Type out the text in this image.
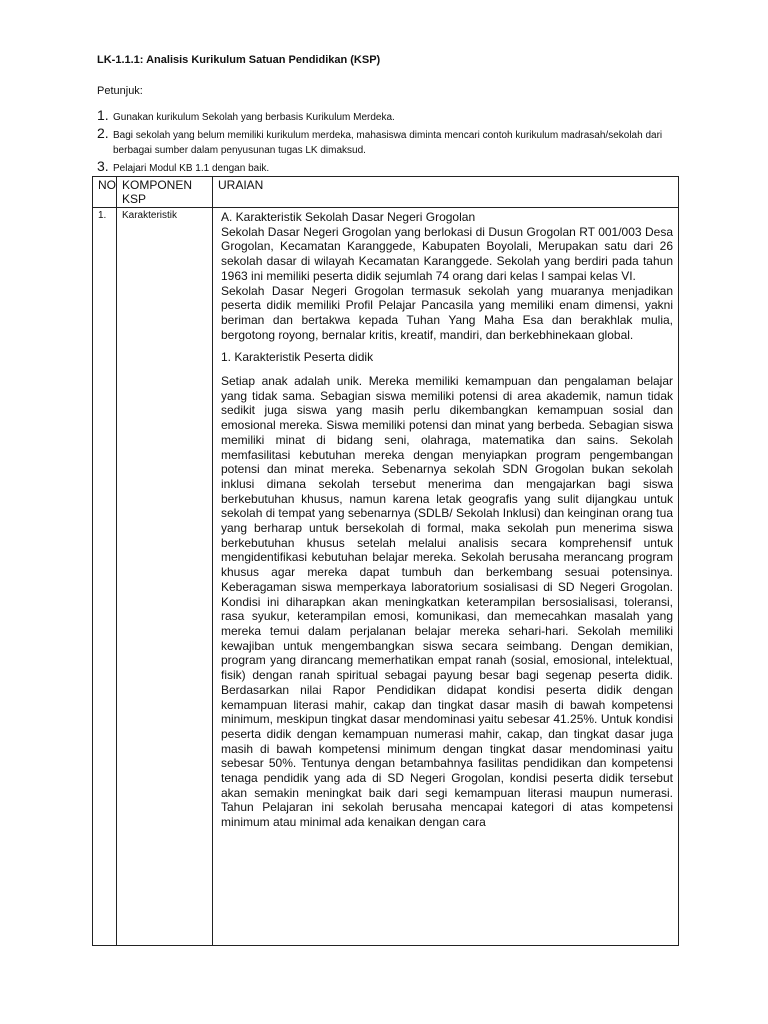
LK-1.1.1: Analisis Kurikulum Satuan Pendidikan (KSP)

Petunjuk:

1. Gunakan kurikulum Sekolah yang berbasis Kurikulum Merdeka.
2. Bagi sekolah yang belum memiliki kurikulum merdeka, mahasiswa diminta mencari contoh kurikulum madrasah/sekolah dari berbagai sumber dalam penyusunan tugas LK dimaksud.
3. Pelajari Modul KB 1.1 dengan baik.
NO	KOMPONEN KSP	URAIAN
1.	Karakteristik	A. Karakteristik Sekolah Dasar Negeri Grogolan

Sekolah Dasar Negeri Grogolan yang berlokasi di Dusun Grogolan RT 001/003 Desa Grogolan, Kecamatan Karanggede, Kabupaten Boyolali, Merupakan satu dari 26 sekolah dasar di wilayah Kecamatan Karanggede. Sekolah yang berdiri pada tahun 1963 ini memiliki peserta didik sejumlah 74 orang dari kelas I sampai kelas VI.

Sekolah Dasar Negeri Grogolan termasuk sekolah yang muaranya menjadikan peserta didik memiliki Profil Pelajar Pancasila yang memiliki enam dimensi, yakni beriman dan bertakwa kepada Tuhan Yang Maha Esa dan berakhlak mulia, bergotong royong, bernalar kritis, kreatif, mandiri, dan berkebhinekaan global.

1. Karakteristik Peserta didik

Setiap anak adalah unik. Mereka memiliki kemampuan dan pengalaman belajar yang tidak sama. Sebagian siswa memiliki potensi di area akademik, namun tidak sedikit juga siswa yang masih perlu dikembangkan kemampuan sosial dan emosional mereka. Siswa memiliki potensi dan minat yang berbeda. Sebagian siswa memiliki minat di bidang seni, olahraga, matematika dan sains. Sekolah memfasilitasi kebutuhan mereka dengan menyiapkan program pengembangan potensi dan minat mereka. Sebenarnya sekolah SDN Grogolan bukan sekolah inklusi dimana sekolah tersebut menerima dan mengajarkan bagi siswa berkebutuhan khusus, namun karena letak geografis yang sulit dijangkau untuk sekolah di tempat yang sebenarnya (SDLB/ Sekolah Inklusi) dan keinginan orang tua yang berharap untuk bersekolah di formal, maka sekolah pun menerima siswa berkebutuhan khusus setelah melalui analisis secara komprehensif untuk mengidentifikasi kebutuhan belajar mereka. Sekolah berusaha merancang program khusus agar mereka dapat tumbuh dan berkembang sesuai potensinya. Keberagaman siswa memperkaya laboratorium sosialisasi di SD Negeri Grogolan. Kondisi ini diharapkan akan meningkatkan keterampilan bersosialisasi, toleransi, rasa syukur, keterampilan emosi, komunikasi, dan memecahkan masalah yang mereka temui dalam perjalanan belajar mereka sehari-hari. Sekolah memiliki kewajiban untuk mengembangkan siswa secara seimbang. Dengan demikian, program yang dirancang memerhatikan empat ranah (sosial, emosional, intelektual, fisik) dengan ranah spiritual sebagai payung besar bagi segenap peserta didik. Berdasarkan nilai Rapor Pendidikan didapat kondisi peserta didik dengan kemampuan literasi mahir, cakap dan tingkat dasar masih di bawah kompetensi minimum, meskipun tingkat dasar mendominasi yaitu sebesar 41.25%. Untuk kondisi peserta didik dengan kemampuan numerasi mahir, cakap, dan tingkat dasar juga masih di bawah kompetensi minimum dengan tingkat dasar mendominasi yaitu sebesar 50%. Tentunya dengan betambahnya fasilitas pendidikan dan kompetensi tenaga pendidik yang ada di SD Negeri Grogolan, kondisi peserta didik tersebut akan semakin meningkat baik dari segi kemampuan literasi maupun numerasi. Tahun Pelajaran ini sekolah berusaha mencapai kategori di atas kompetensi minimum atau minimal ada kenaikan dengan cara
